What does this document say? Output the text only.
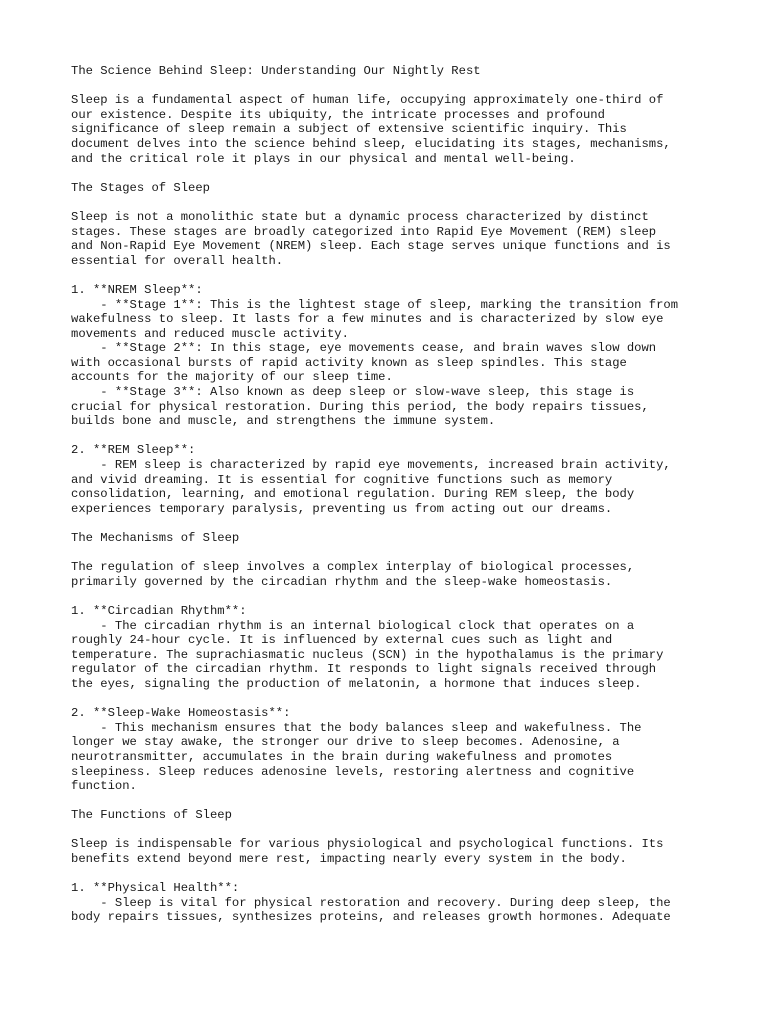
The Science Behind Sleep: Understanding Our Nightly Rest

Sleep is a fundamental aspect of human life, occupying approximately one-third of
our existence. Despite its ubiquity, the intricate processes and profound
significance of sleep remain a subject of extensive scientific inquiry. This
document delves into the science behind sleep, elucidating its stages, mechanisms,
and the critical role it plays in our physical and mental well-being.

The Stages of Sleep

Sleep is not a monolithic state but a dynamic process characterized by distinct
stages. These stages are broadly categorized into Rapid Eye Movement (REM) sleep
and Non-Rapid Eye Movement (NREM) sleep. Each stage serves unique functions and is
essential for overall health.

1. **NREM Sleep**:
- **Stage 1**: This is the lightest stage of sleep, marking the transition from
wakefulness to sleep. It lasts for a few minutes and is characterized by slow eye
movements and reduced muscle activity.
- **Stage 2**: In this stage, eye movements cease, and brain waves slow down
with occasional bursts of rapid activity known as sleep spindles. This stage
accounts for the majority of our sleep time.
- **Stage 3**: Also known as deep sleep or slow-wave sleep, this stage is
crucial for physical restoration. During this period, the body repairs tissues,
builds bone and muscle, and strengthens the immune system.

2. **REM Sleep**:
- REM sleep is characterized by rapid eye movements, increased brain activity,
and vivid dreaming. It is essential for cognitive functions such as memory
consolidation, learning, and emotional regulation. During REM sleep, the body
experiences temporary paralysis, preventing us from acting out our dreams.

The Mechanisms of Sleep

The regulation of sleep involves a complex interplay of biological processes,
primarily governed by the circadian rhythm and the sleep-wake homeostasis.

1. **Circadian Rhythm**:
- The circadian rhythm is an internal biological clock that operates on a
roughly 24-hour cycle. It is influenced by external cues such as light and
temperature. The suprachiasmatic nucleus (SCN) in the hypothalamus is the primary
regulator of the circadian rhythm. It responds to light signals received through
the eyes, signaling the production of melatonin, a hormone that induces sleep.

2. **Sleep-Wake Homeostasis**:
- This mechanism ensures that the body balances sleep and wakefulness. The
longer we stay awake, the stronger our drive to sleep becomes. Adenosine, a
neurotransmitter, accumulates in the brain during wakefulness and promotes
sleepiness. Sleep reduces adenosine levels, restoring alertness and cognitive
function.

The Functions of Sleep

Sleep is indispensable for various physiological and psychological functions. Its
benefits extend beyond mere rest, impacting nearly every system in the body.

1. **Physical Health**:
- Sleep is vital for physical restoration and recovery. During deep sleep, the
body repairs tissues, synthesizes proteins, and releases growth hormones. Adequate
